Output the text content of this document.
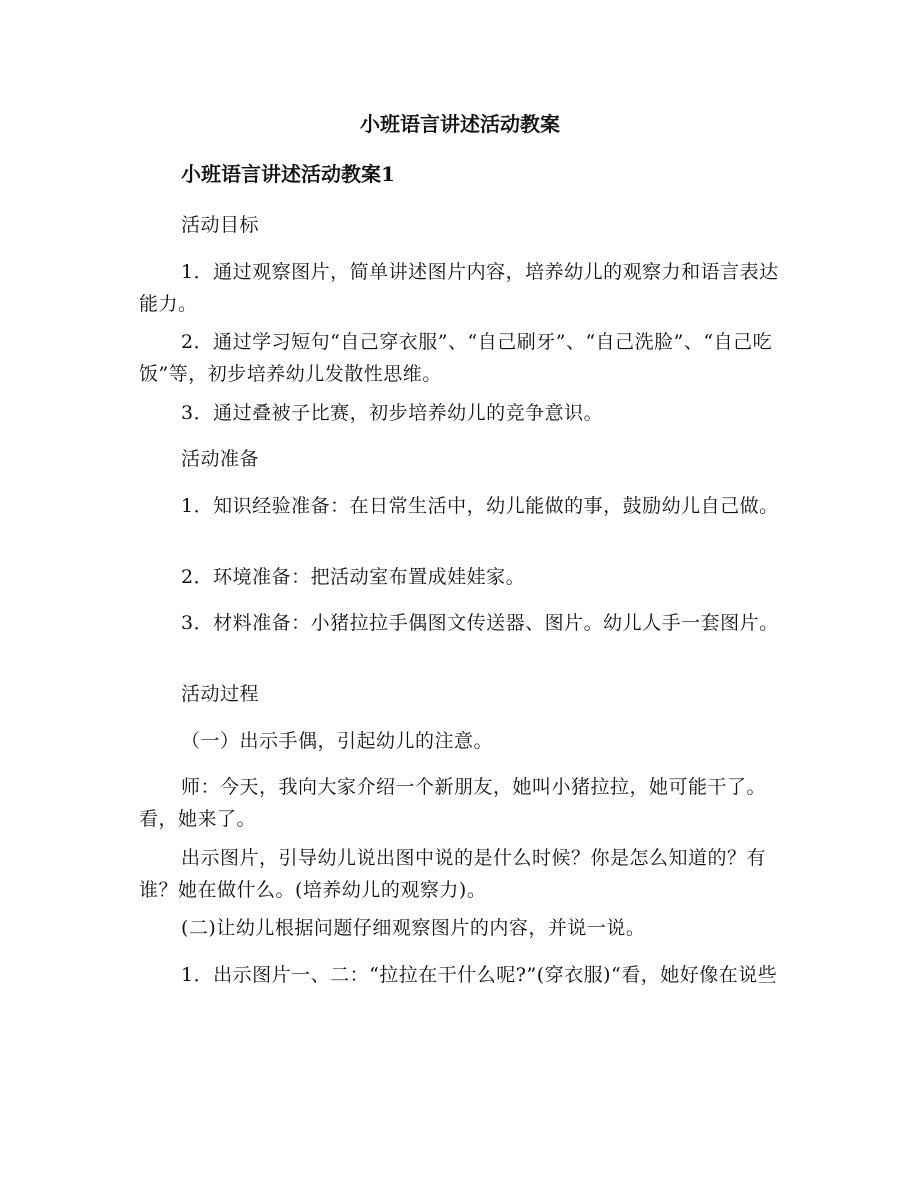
小班语言讲述活动教案
小班语言讲述活动教案1
活动目标
1．通过观察图片，简单讲述图片内容，培养幼儿的观察力和语言表达能力。
2．通过学习短句“自己穿衣服”、“自己刷牙”、“自己洗脸”、“自己吃饭”等，初步培养幼儿发散性思维。
3．通过叠被子比赛，初步培养幼儿的竞争意识。
活动准备
1．知识经验准备：在日常生活中，幼儿能做的事，鼓励幼儿自己做。
2．环境准备：把活动室布置成娃娃家。
3．材料准备：小猪拉拉手偶图文传送器、图片。幼儿人手一套图片。
活动过程
（一）出示手偶，引起幼儿的注意。
师：今天，我向大家介绍一个新朋友，她叫小猪拉拉，她可能干了。看，她来了。
出示图片，引导幼儿说出图中说的是什么时候？你是怎么知道的？有谁？她在做什么。(培养幼儿的观察力)。
(二)让幼儿根据问题仔细观察图片的内容，并说一说。
1．出示图片一、二：“拉拉在干什么呢?”(穿衣服)“看，她好像在说些
